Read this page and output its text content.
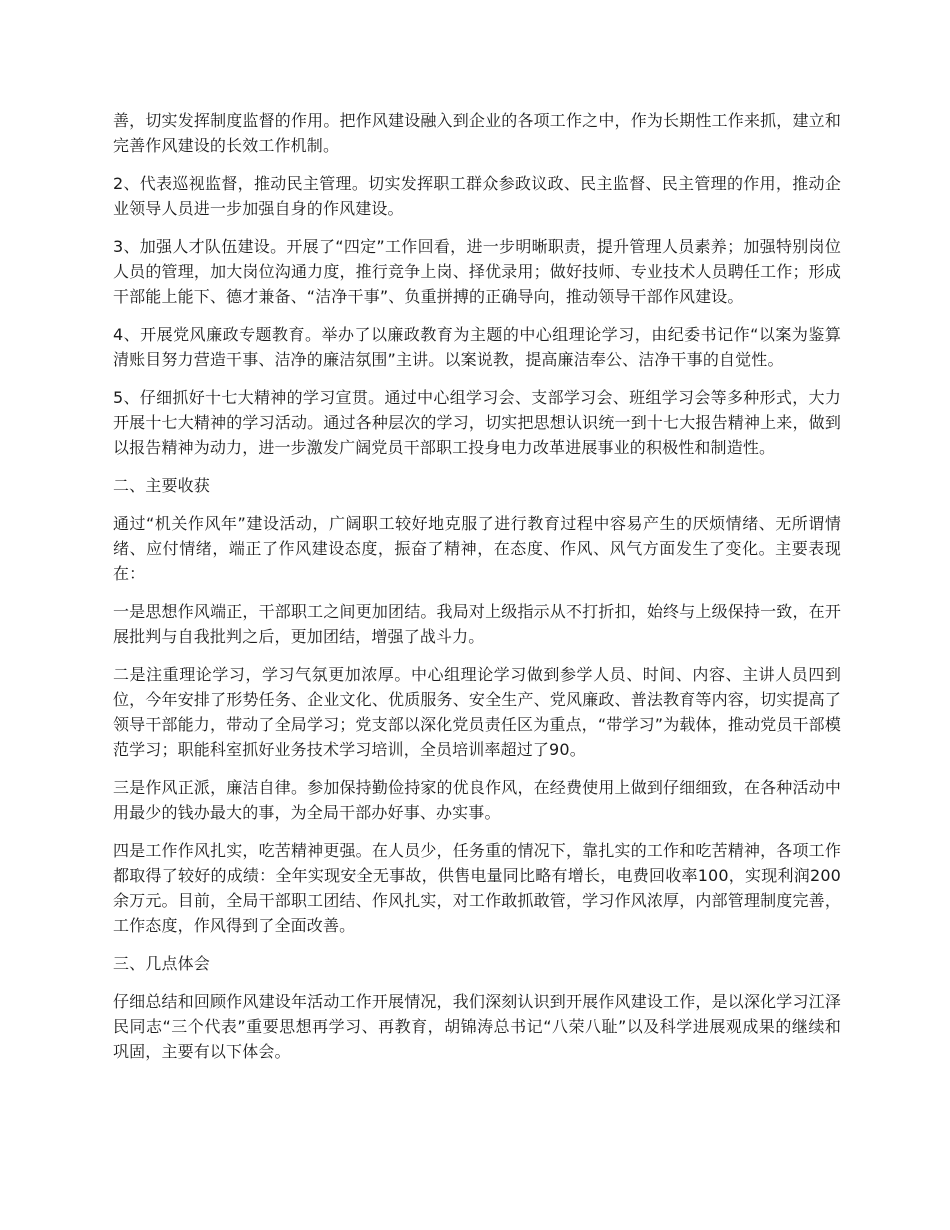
善，切实发挥制度监督的作用。把作风建设融入到企业的各项工作之中，作为长期性工作来抓，建立和完善作风建设的长效工作机制。

2、代表巡视监督，推动民主管理。切实发挥职工群众参政议政、民主监督、民主管理的作用，推动企业领导人员进一步加强自身的作风建设。

3、加强人才队伍建设。开展了“四定”工作回看，进一步明晰职责，提升管理人员素养；加强特别岗位人员的管理，加大岗位沟通力度，推行竞争上岗、择优录用；做好技师、专业技术人员聘任工作；形成干部能上能下、德才兼备、“洁净干事”、负重拼搏的正确导向，推动领导干部作风建设。

4、开展党风廉政专题教育。举办了以廉政教育为主题的中心组理论学习，由纪委书记作“以案为鉴算清账目努力营造干事、洁净的廉洁氛围”主讲。以案说教，提高廉洁奉公、洁净干事的自觉性。

5、仔细抓好十七大精神的学习宣贯。通过中心组学习会、支部学习会、班组学习会等多种形式，大力开展十七大精神的学习活动。通过各种层次的学习，切实把思想认识统一到十七大报告精神上来，做到以报告精神为动力，进一步激发广阔党员干部职工投身电力改革进展事业的积极性和制造性。

二、主要收获

通过“机关作风年”建设活动，广阔职工较好地克服了进行教育过程中容易产生的厌烦情绪、无所谓情绪、应付情绪，端正了作风建设态度，振奋了精神，在态度、作风、风气方面发生了变化。主要表现在：

一是思想作风端正，干部职工之间更加团结。我局对上级指示从不打折扣，始终与上级保持一致，在开展批判与自我批判之后，更加团结，增强了战斗力。

二是注重理论学习，学习气氛更加浓厚。中心组理论学习做到参学人员、时间、内容、主讲人员四到位，今年安排了形势任务、企业文化、优质服务、安全生产、党风廉政、普法教育等内容，切实提高了领导干部能力，带动了全局学习；党支部以深化党员责任区为重点，“带学习”为载体，推动党员干部模范学习；职能科室抓好业务技术学习培训，全员培训率超过了90。

三是作风正派，廉洁自律。参加保持勤俭持家的优良作风，在经费使用上做到仔细细致，在各种活动中用最少的钱办最大的事，为全局干部办好事、办实事。

四是工作作风扎实，吃苦精神更强。在人员少，任务重的情况下，靠扎实的工作和吃苦精神，各项工作都取得了较好的成绩：全年实现安全无事故，供售电量同比略有增长，电费回收率100，实现利润200余万元。目前，全局干部职工团结、作风扎实，对工作敢抓敢管，学习作风浓厚，内部管理制度完善，工作态度，作风得到了全面改善。

三、几点体会

仔细总结和回顾作风建设年活动工作开展情况，我们深刻认识到开展作风建设工作，是以深化学习江泽民同志“三个代表”重要思想再学习、再教育，胡锦涛总书记“八荣八耻”以及科学进展观成果的继续和巩固，主要有以下体会。
